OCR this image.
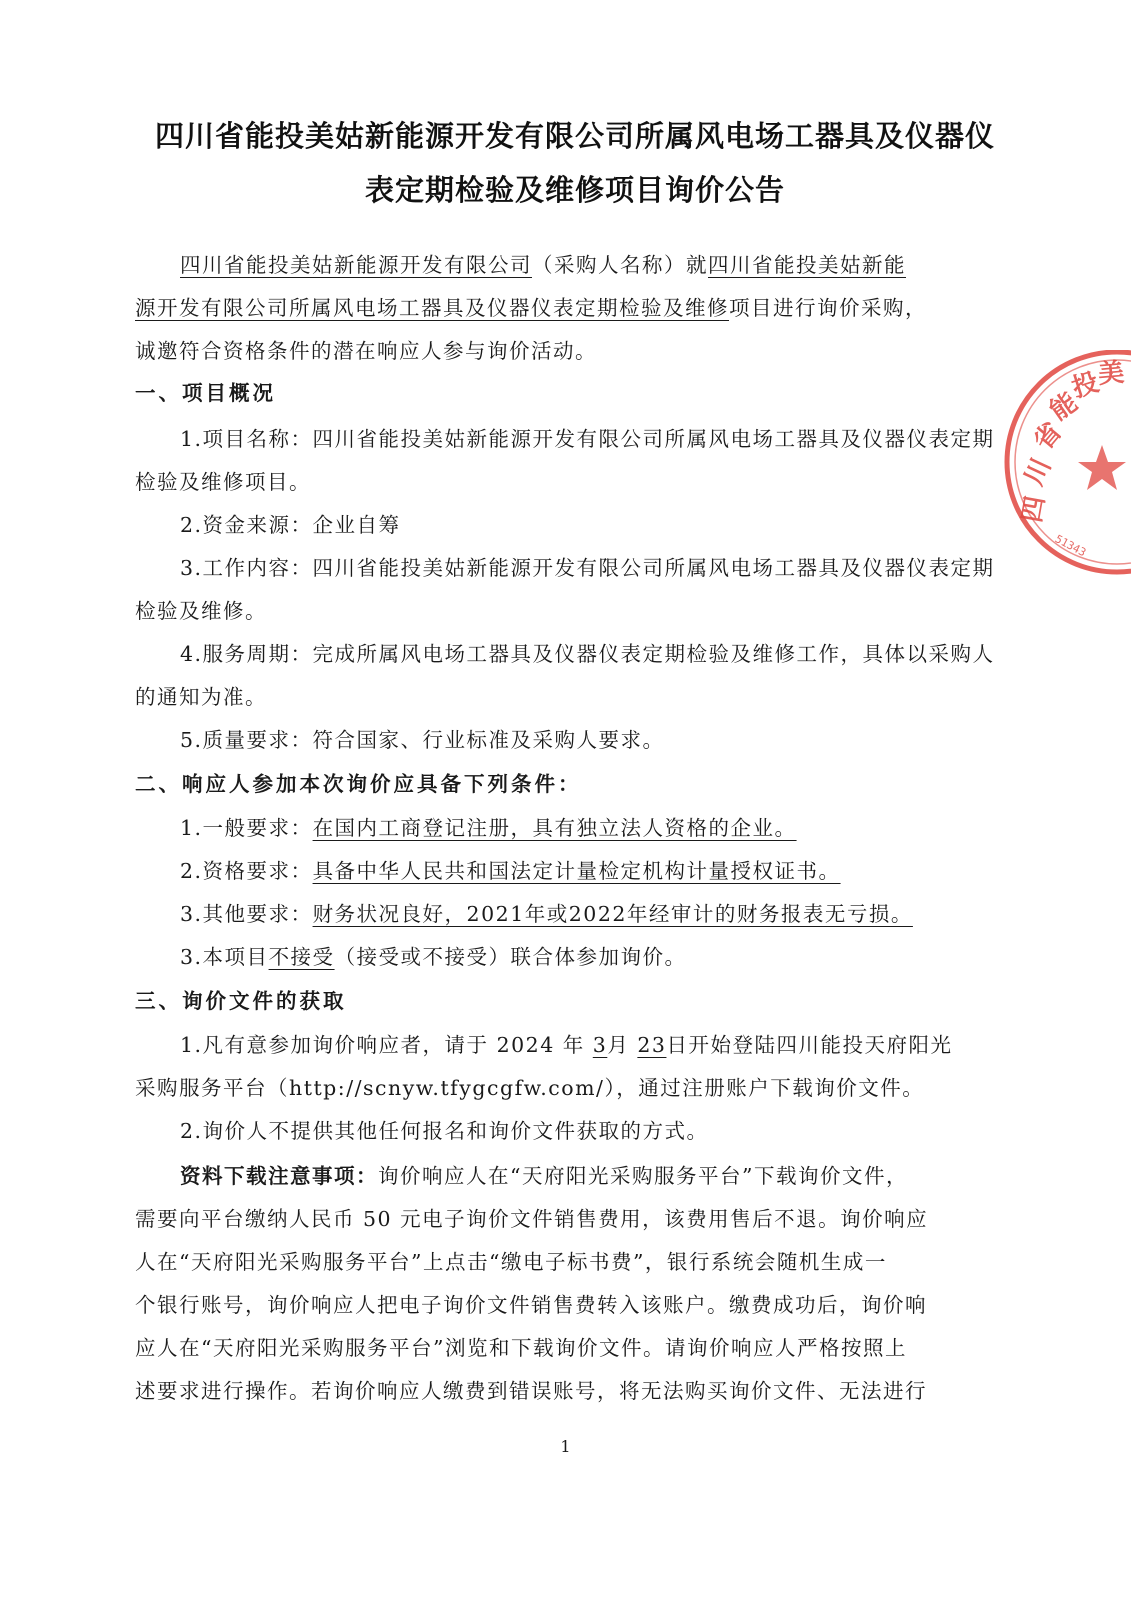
四川省能投美姑新能源开发有限公司所属风电场工器具及仪器仪
表定期检验及维修项目询价公告
四川省能投美姑新能源开发有限公司（采购人名称）就四川省能投美姑新能
源开发有限公司所属风电场工器具及仪器仪表定期检验及维修项目进行询价采购，
诚邀符合资格条件的潜在响应人参与询价活动。
一、项目概况
1.项目名称：四川省能投美姑新能源开发有限公司所属风电场工器具及仪器仪表定期
检验及维修项目。
2.资金来源：企业自筹
3.工作内容：四川省能投美姑新能源开发有限公司所属风电场工器具及仪器仪表定期
检验及维修。
4.服务周期：完成所属风电场工器具及仪器仪表定期检验及维修工作，具体以采购人
的通知为准。
5.质量要求：符合国家、行业标准及采购人要求。
二、响应人参加本次询价应具备下列条件：
1.一般要求：在国内工商登记注册，具有独立法人资格的企业。
2.资格要求：具备中华人民共和国法定计量检定机构计量授权证书。
3.其他要求：财务状况良好，2021年或2022年经审计的财务报表无亏损。
3.本项目不接受（接受或不接受）联合体参加询价。
三、询价文件的获取
1.凡有意参加询价响应者，请于 2024 年 3月 23日开始登陆四川能投天府阳光
采购服务平台（http://scnyw.tfygcgfw.com/），通过注册账户下载询价文件。
2.询价人不提供其他任何报名和询价文件获取的方式。
资料下载注意事项：询价响应人在“天府阳光采购服务平台”下载询价文件，
需要向平台缴纳人民币 50 元电子询价文件销售费用，该费用售后不退。询价响应
人在“天府阳光采购服务平台”上点击“缴电子标书费”，银行系统会随机生成一
个银行账号，询价响应人把电子询价文件销售费转入该账户。缴费成功后，询价响
应人在“天府阳光采购服务平台”浏览和下载询价文件。请询价响应人严格按照上
述要求进行操作。若询价响应人缴费到错误账号，将无法购买询价文件、无法进行
四
川
省
能
投
美
51343
1
